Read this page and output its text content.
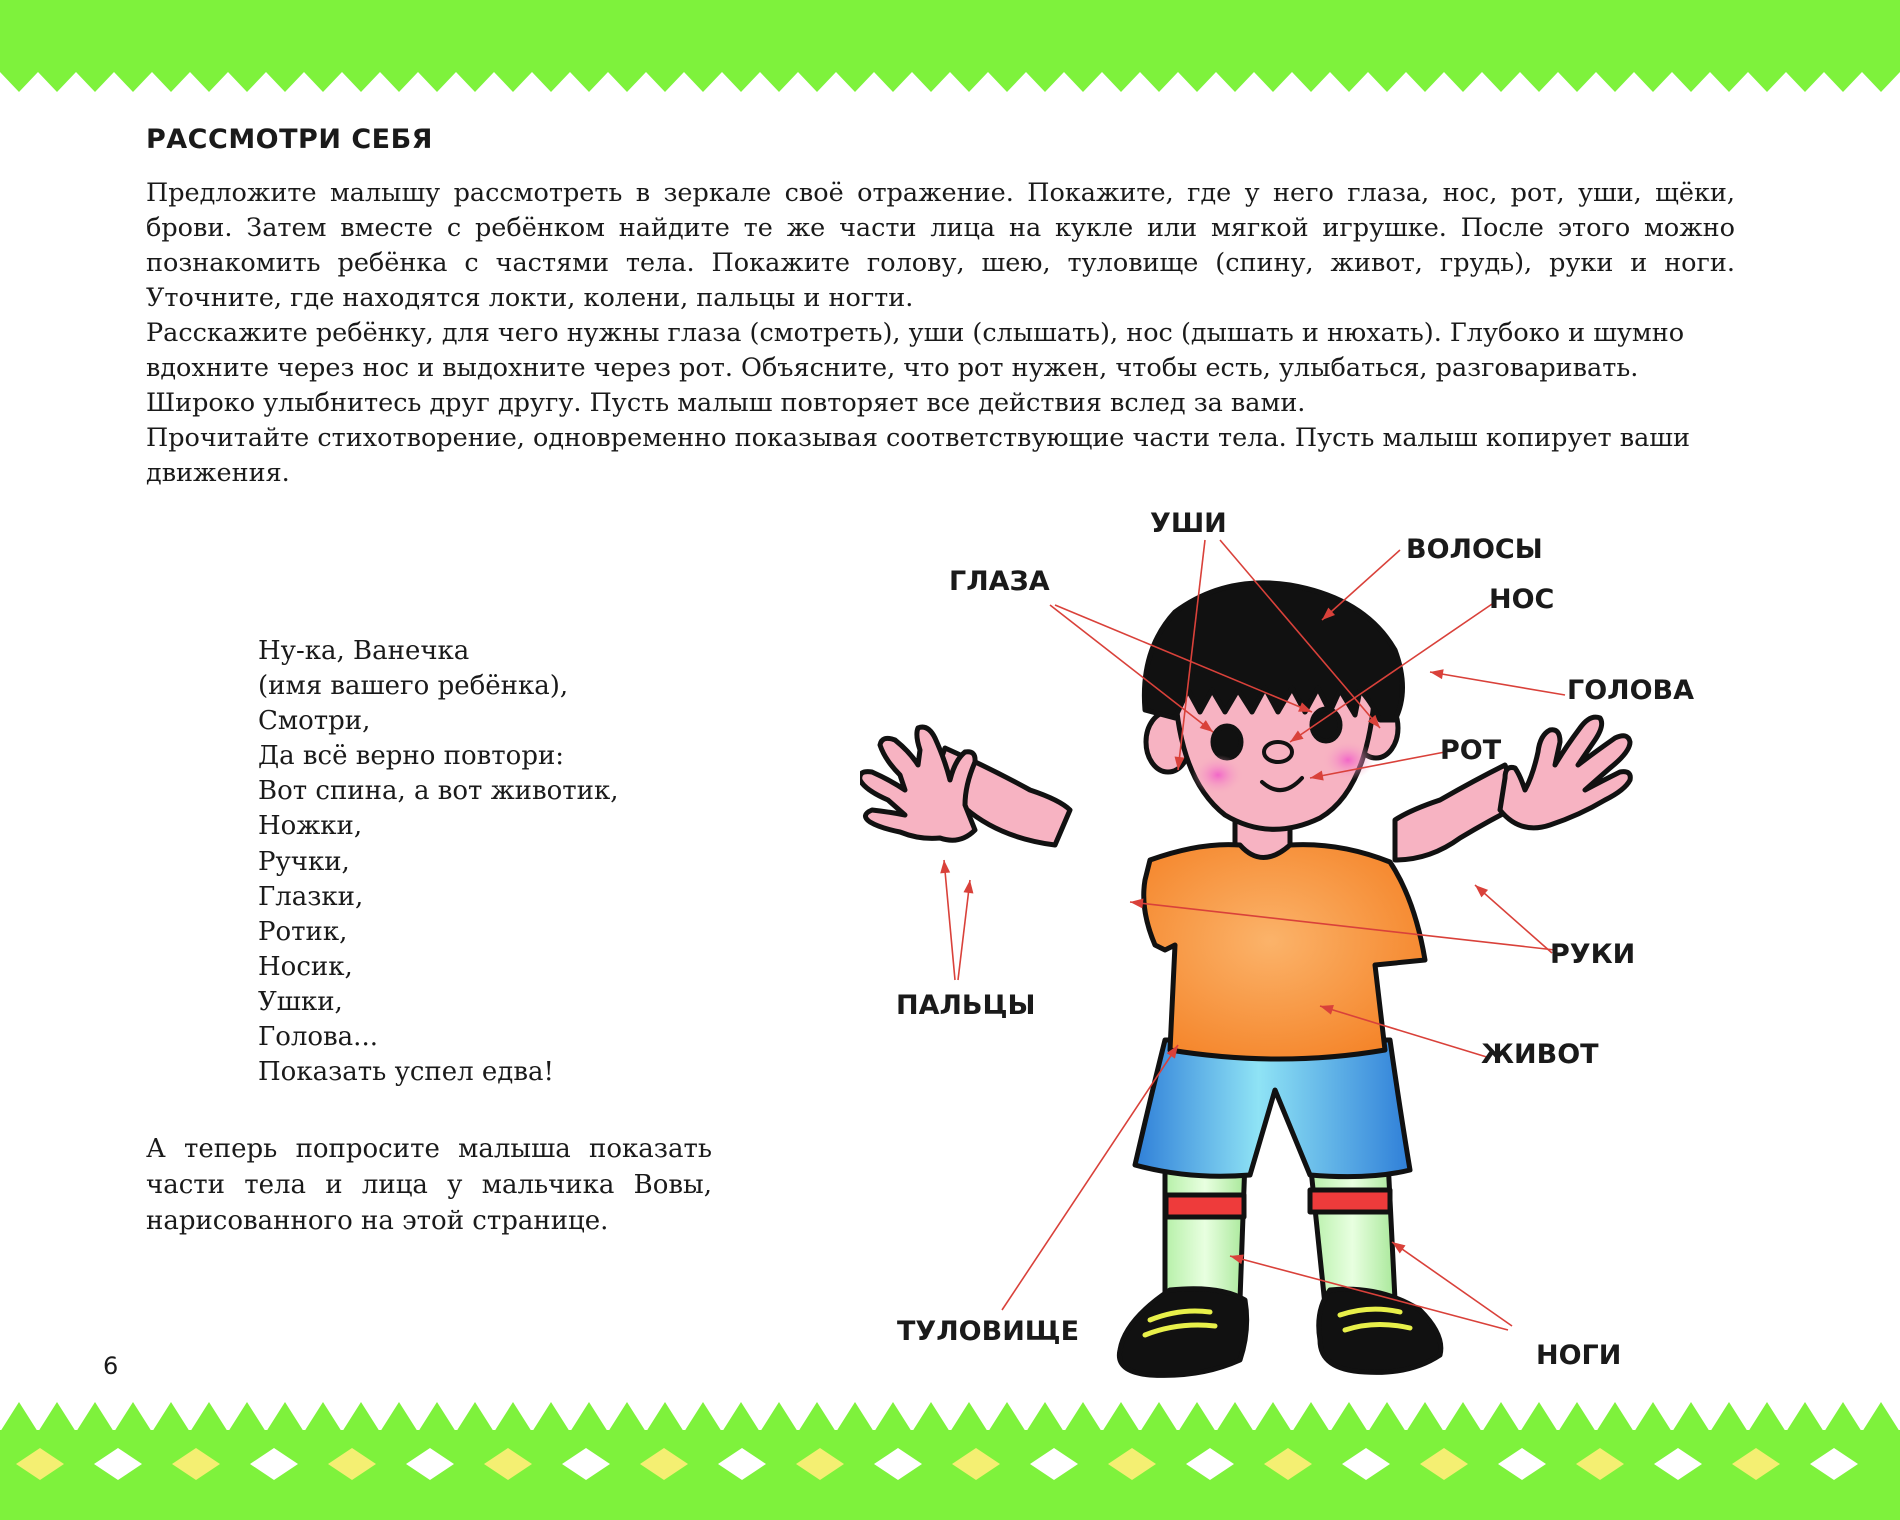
РАССМОТРИ СЕБЯ

Предложите малышу рассмотреть в зеркале своё отражение. Покажите, где у него глаза, нос, рот, уши, щёки, брови. Затем вместе с ребёнком найдите те же части лица на кукле или мягкой игрушке. После этого можно познакомить ребёнка с частями тела. Покажите голову, шею, туловище (спину, живот, грудь), руки и ноги. Уточните, где находятся локти, колени, пальцы и ногти.

Расскажите ребёнку, для чего нужны глаза (смотреть), уши (слышать), нос (дышать и нюхать). Глубоко и шумно вдохните через нос и выдохните через рот. Объясните, что рот нужен, чтобы есть, улыбаться, разговаривать. Широко улыбнитесь друг другу. Пусть малыш повторяет все действия вслед за вами.

Прочитайте стихотворение, одновременно показывая соответствующие части тела. Пусть малыш копирует ваши движения.

Ну-ка, Ванечка
(имя вашего ребёнка),
Смотри,
Да всё верно повтори:
Вот спина, а вот животик,
Ножки,
Ручки,
Глазки,
Ротик,
Носик,
Ушки,
Голова...
Показать успел едва!

А теперь попросите малыша показать части тела и лица у мальчика Вовы, нарисованного на этой странице.

УШИ
ВОЛОСЫ
ГЛАЗА
НОС
ГОЛОВА
РОТ
РУКИ
ПАЛЬЦЫ
ЖИВОТ
ТУЛОВИЩЕ
НОГИ
6
